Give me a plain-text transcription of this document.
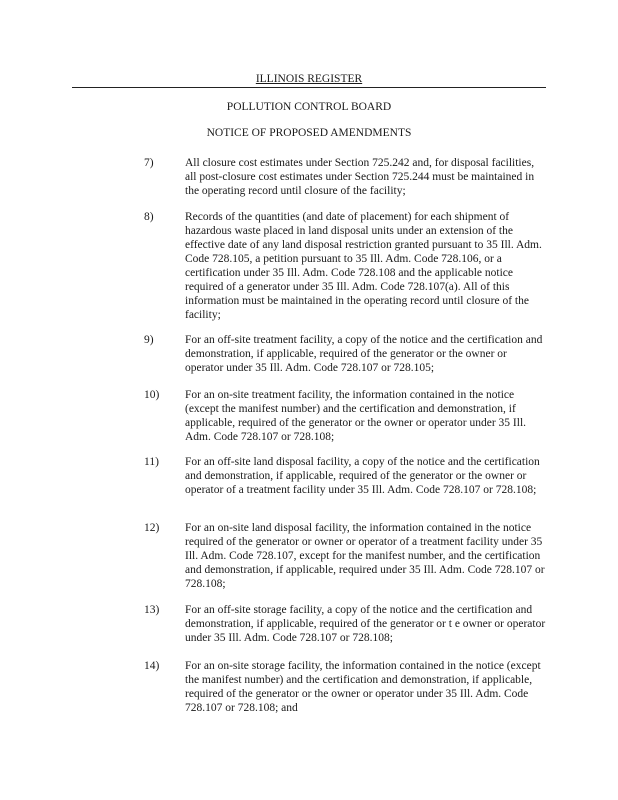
ILLINOIS REGISTER
POLLUTION CONTROL BOARD
NOTICE OF PROPOSED AMENDMENTS
7)	All closure cost estimates under Section 725.242 and, for disposal facilities, all post-closure cost estimates under Section 725.244 must be maintained in the operating record until closure of the facility;
8)	Records of the quantities (and date of placement) for each shipment of hazardous waste placed in land disposal units under an extension of the effective date of any land disposal restriction granted pursuant to 35 Ill. Adm. Code 728.105, a petition pursuant to 35 Ill. Adm. Code 728.106, or a certification under 35 Ill. Adm. Code 728.108 and the applicable notice required of a generator under 35 Ill. Adm. Code 728.107(a). All of this information must be maintained in the operating record until closure of the facility;
9)	For an off-site treatment facility, a copy of the notice and the certification and demonstration, if applicable, required of the generator or the owner or operator under 35 Ill. Adm. Code 728.107 or 728.105;
10)	For an on-site treatment facility, the information contained in the notice (except the manifest number) and the certification and demonstration, if applicable, required of the generator or the owner or operator under 35 Ill. Adm. Code 728.107 or 728.108;
11)	For an off-site land disposal facility, a copy of the notice and the certification and demonstration, if applicable, required of the generator or the owner or operator of a treatment facility under 35 Ill. Adm. Code 728.107 or 728.108;
12)	For an on-site land disposal facility, the information contained in the notice required of the generator or owner or operator of a treatment facility under 35 Ill. Adm. Code 728.107, except for the manifest number, and the certification and demonstration, if applicable, required under 35 Ill. Adm. Code 728.107 or 728.108;
13)	For an off-site storage facility, a copy of the notice and the certification and demonstration, if applicable, required of the generator or t e owner or operator under 35 Ill. Adm. Code 728.107 or 728.108;
14)	For an on-site storage facility, the information contained in the notice (except the manifest number) and the certification and demonstration, if applicable, required of the generator or the owner or operator under 35 Ill. Adm. Code 728.107 or 728.108; and
